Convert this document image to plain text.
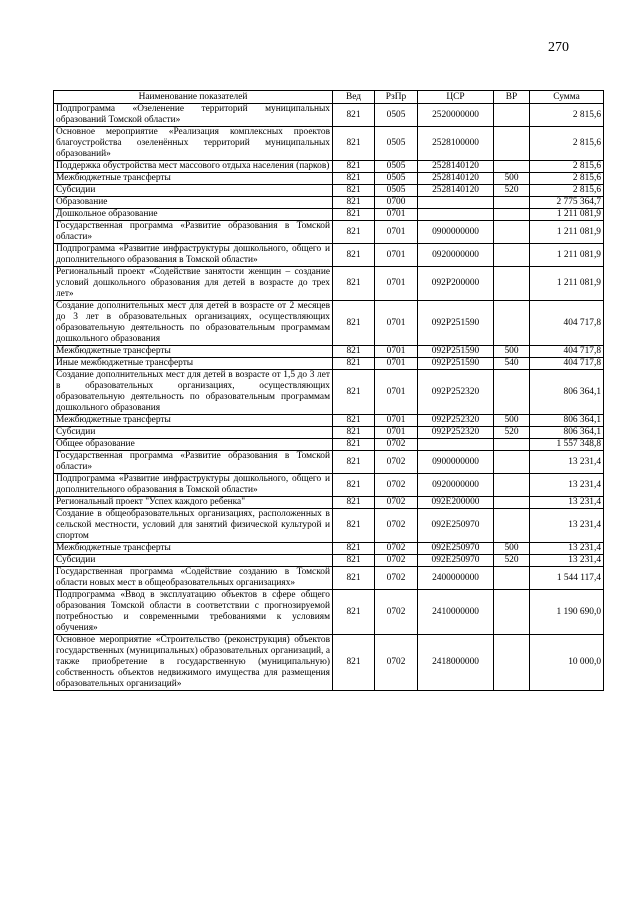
270
Наименование показателей	Вед	РзПр	ЦСР	ВР	Сумма
Подпрограмма «Озеленение территорий муниципальных образований Томской области»	821	0505	2520000000		2 815,6
Основное мероприятие «Реализация комплексных проектов благоустройства озеленённых территорий муниципальных образований»	821	0505	2528100000		2 815,6
Поддержка обустройства мест массового отдыха населения (парков)	821	0505	2528140120		2 815,6
Межбюджетные трансферты	821	0505	2528140120	500	2 815,6
Субсидии	821	0505	2528140120	520	2 815,6
Образование	821	0700			2 775 364,7
Дошкольное образование	821	0701			1 211 081,9
Государственная программа «Развитие образования в Томской области»	821	0701	0900000000		1 211 081,9
Подпрограмма «Развитие инфраструктуры дошкольного, общего и дополнительного образования в Томской области»	821	0701	0920000000		1 211 081,9
Региональный проект «Содействие занятости женщин – создание условий дошкольного образования для детей в возрасте до трех лет»	821	0701	092P200000		1 211 081,9
Создание дополнительных мест для детей в возрасте от 2 месяцев до 3 лет в образовательных организациях, осуществляющих образовательную деятельность по образовательным программам дошкольного образования	821	0701	092P251590		404 717,8
Межбюджетные трансферты	821	0701	092P251590	500	404 717,8
Иные межбюджетные трансферты	821	0701	092P251590	540	404 717,8
Создание дополнительных мест для детей в возрасте от 1,5 до 3 лет в образовательных организациях, осуществляющих образовательную деятельность по образовательным программам дошкольного образования	821	0701	092P252320		806 364,1
Межбюджетные трансферты	821	0701	092P252320	500	806 364,1
Субсидии	821	0701	092P252320	520	806 364,1
Общее образование	821	0702			1 557 348,8
Государственная программа «Развитие образования в Томской области»	821	0702	0900000000		13 231,4
Подпрограмма «Развитие инфраструктуры дошкольного, общего и дополнительного образования в Томской области»	821	0702	0920000000		13 231,4
Региональный проект "Успех каждого ребенка"	821	0702	092E200000		13 231,4
Создание в общеобразовательных организациях, расположенных в сельской местности, условий для занятий физической культурой и спортом	821	0702	092E250970		13 231,4
Межбюджетные трансферты	821	0702	092E250970	500	13 231,4
Субсидии	821	0702	092E250970	520	13 231,4
Государственная программа «Содействие созданию в Томской области новых мест в общеобразовательных организациях»	821	0702	2400000000		1 544 117,4
Подпрограмма «Ввод в эксплуатацию объектов в сфере общего образования Томской области в соответствии с прогнозируемой потребностью и современными требованиями к условиям обучения»	821	0702	2410000000		1 190 690,0
Основное мероприятие «Строительство (реконструкция) объектов государственных (муниципальных) образовательных организаций, а также приобретение в государственную (муниципальную) собственность объектов недвижимого имущества для размещения образовательных организаций»	821	0702	2418000000		10 000,0
